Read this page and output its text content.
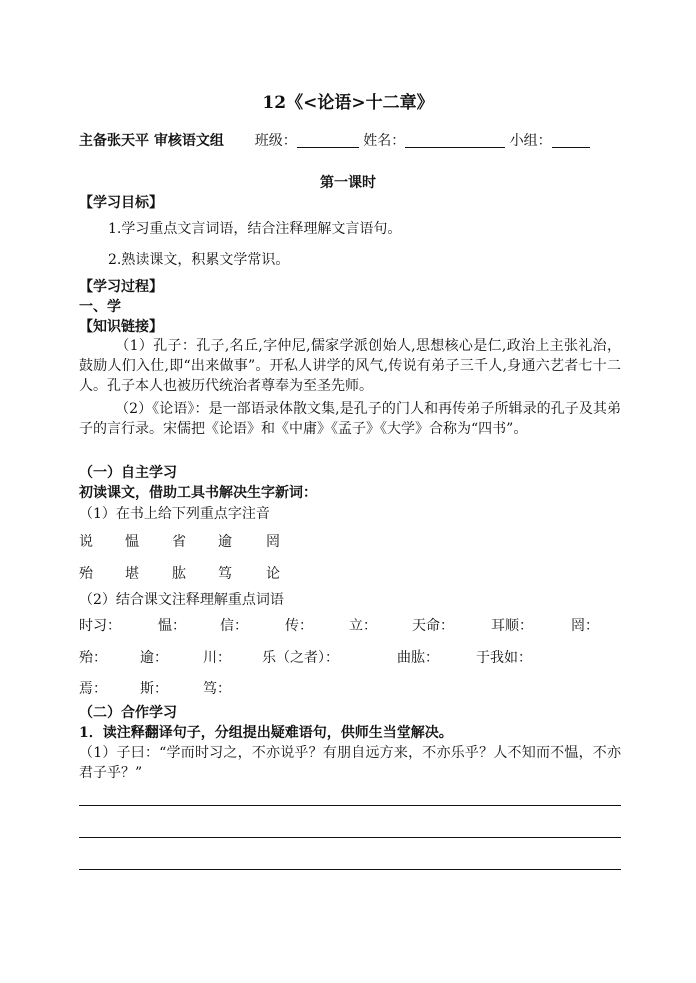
12《<论语>十二章》
主备张天平 审核语文组 班级：	姓名：	小组：
第一课时
【学习目标】
1.学习重点文言词语，结合注释理解文言语句。
2.熟读课文，积累文学常识。
【学习过程】
一、学
【知识链接】
（1）孔子：孔子,名丘,字仲尼,儒家学派创始人,思想核心是仁,政治上主张礼治，鼓励人们入仕,即“出来做事”。开私人讲学的风气,传说有弟子三千人,身通六艺者七十二人。孔子本人也被历代统治者尊奉为至圣先师。
（2）《论语》：是一部语录体散文集,是孔子的门人和再传弟子所辑录的孔子及其弟子的言行录。宋儒把《论语》和《中庸》《孟子》《大学》合称为“四书”。
（一）自主学习
初读课文，借助工具书解决生字新词：
（1）在书上给下列重点字注音
说 愠 省 逾 罔
殆 堪 肱 笃 论
（2）结合课文注释理解重点词语
时习：	愠： 信：	传：	立：	天命：	耳顺：	罔：
殆： 逾：	川： 乐（之者）：	曲肱：	于我如：
焉： 斯：	笃：
（二）合作学习
1．读注释翻译句子，分组提出疑难语句，供师生当堂解决。
（1）子曰：“学而时习之，不亦说乎？有朋自远方来，不亦乐乎？人不知而不愠，不亦君子乎？”
